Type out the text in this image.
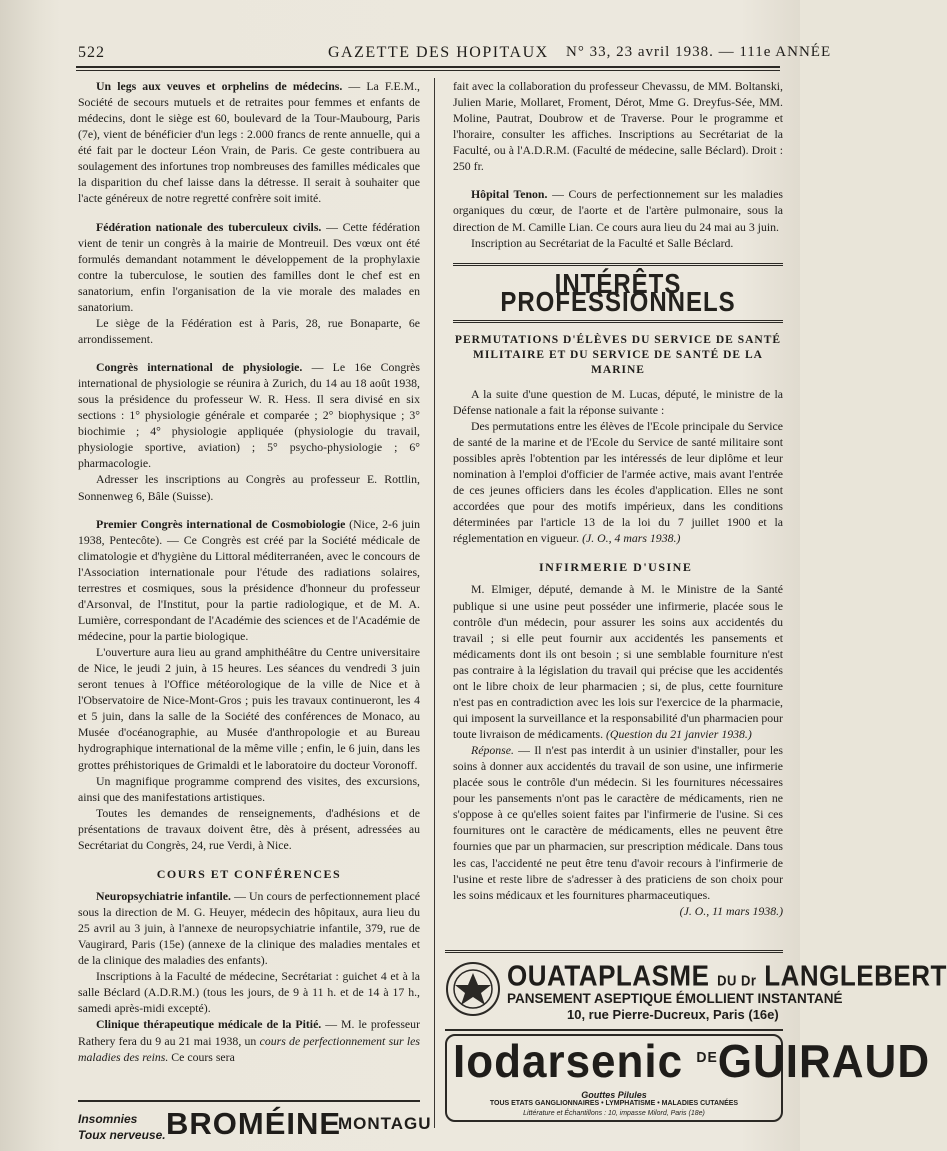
522	GAZETTE DES HOPITAUX N° 33, 23 avril 1938. — 111e ANNÉE

Un legs aux veuves et orphelins de médecins. — La F.E.M., Société de secours mutuels et de retraites pour femmes et enfants de médecins, dont le siège est 60, boulevard de la Tour-Maubourg, Paris (7e), vient de bénéficier d'un legs : 2.000 francs de rente annuelle, qui a été fait par le docteur Léon Vrain, de Paris. Ce geste contribuera au soulagement des infortunes trop nombreuses des familles médicales que la disparition du chef laisse dans la détresse. Il serait à souhaiter que l'acte généreux de notre regretté confrère soit imité.

Fédération nationale des tuberculeux civils. — Cette fédération vient de tenir un congrès à la mairie de Montreuil. Des vœux ont été formulés demandant notamment le développement de la prophylaxie contre la tuberculose, le soutien des familles dont le chef est en sanatorium, enfin l'organisation de la vie morale des malades en sanatorium.

Le siège de la Fédération est à Paris, 28, rue Bonaparte, 6e arrondissement.

Congrès international de physiologie. — Le 16e Congrès international de physiologie se réunira à Zurich, du 14 au 18 août 1938, sous la présidence du professeur W. R. Hess. Il sera divisé en six sections : 1° physiologie générale et comparée ; 2° biophysique ; 3° biochimie ; 4° physiologie appliquée (physiologie du travail, physiologie sportive, aviation) ; 5° psycho-physiologie ; 6° pharmacologie.

Adresser les inscriptions au Congrès au professeur E. Rottlin, Sonnenweg 6, Bâle (Suisse).

Premier Congrès international de Cosmobiologie (Nice, 2-6 juin 1938, Pentecôte). — Ce Congrès est créé par la Société médicale de climatologie et d'hygiène du Littoral méditerranéen, avec le concours de l'Association internationale pour l'étude des radiations solaires, terrestres et cosmiques, sous la présidence d'honneur du professeur d'Arsonval, de l'Institut, pour la partie radiologique, et de M. A. Lumière, correspondant de l'Académie des sciences et de l'Académie de médecine, pour la partie biologique.

L'ouverture aura lieu au grand amphithéâtre du Centre universitaire de Nice, le jeudi 2 juin, à 15 heures. Les séances du vendredi 3 juin seront tenues à l'Office météorologique de la ville de Nice et à l'Observatoire de Nice-Mont-Gros ; puis les travaux continueront, les 4 et 5 juin, dans la salle de la Société des conférences de Monaco, au Musée d'océanographie, au Musée d'anthropologie et au Bureau hydrographique international de la même ville ; enfin, le 6 juin, dans les grottes préhistoriques de Grimaldi et le laboratoire du docteur Voronoff.

Un magnifique programme comprend des visites, des excursions, ainsi que des manifestations artistiques.

Toutes les demandes de renseignements, d'adhésions et de présentations de travaux doivent être, dès à présent, adressées au Secrétariat du Congrès, 24, rue Verdi, à Nice.

COURS ET CONFÉRENCES

Neuropsychiatrie infantile. — Un cours de perfectionnement placé sous la direction de M. G. Heuyer, médecin des hôpitaux, aura lieu du 25 avril au 3 juin, à l'annexe de neuropsychiatrie infantile, 379, rue de Vaugirard, Paris (15e) (annexe de la clinique des maladies mentales et de la clinique des maladies des enfants).

Inscriptions à la Faculté de médecine, Secrétariat : guichet 4 et à la salle Béclard (A.D.R.M.) (tous les jours, de 9 à 11 h. et de 14 à 17 h., samedi après-midi excepté).

Clinique thérapeutique médicale de la Pitié. — M. le professeur Rathery fera du 9 au 21 mai 1938, un cours de perfectionnement sur les maladies des reins. Ce cours sera

fait avec la collaboration du professeur Chevassu, de MM. Boltanski, Julien Marie, Mollaret, Froment, Dérot, Mme G. Dreyfus-Sée, MM. Moline, Pautrat, Doubrow et de Traverse. Pour le programme et l'horaire, consulter les affiches. Inscriptions au Secrétariat de la Faculté, ou à l'A.D.R.M. (Faculté de médecine, salle Béclard). Droit : 250 fr.

Hôpital Tenon. — Cours de perfectionnement sur les maladies organiques du cœur, de l'aorte et de l'artère pulmonaire, sous la direction de M. Camille Lian. Ce cours aura lieu du 24 mai au 3 juin.

Inscription au Secrétariat de la Faculté et Salle Béclard.

INTÉRÊTS PROFESSIONNELS
PERMUTATIONS D'ÉLÈVES DU SERVICE DE SANTÉ MILITAIRE ET DU SERVICE DE SANTÉ DE LA MARINE

A la suite d'une question de M. Lucas, député, le ministre de la Défense nationale a fait la réponse suivante :

Des permutations entre les élèves de l'Ecole principale du Service de santé de la marine et de l'Ecole du Service de santé militaire sont possibles après l'obtention par les intéressés de leur diplôme et leur nomination à l'emploi d'officier de l'armée active, mais avant l'entrée de ces jeunes officiers dans les écoles d'application. Elles ne sont accordées que pour des motifs impérieux, dans les conditions déterminées par l'article 13 de la loi du 7 juillet 1900 et la réglementation en vigueur. (J. O., 4 mars 1938.)

INFIRMERIE D'USINE

M. Elmiger, député, demande à M. le Ministre de la Santé publique si une usine peut posséder une infirmerie, placée sous le contrôle d'un médecin, pour assurer les soins aux accidentés du travail ; si elle peut fournir aux accidentés les pansements et médicaments dont ils ont besoin ; si une semblable fourniture n'est pas contraire à la législation du travail qui précise que les accidentés ont le libre choix de leur pharmacien ; si, de plus, cette fourniture n'est pas en contradiction avec les lois sur l'exercice de la pharmacie, qui imposent la surveillance et la responsabilité d'un pharmacien pour toute livraison de médicaments. (Question du 21 janvier 1938.)

Réponse. — Il n'est pas interdit à un usinier d'installer, pour les soins à donner aux accidentés du travail de son usine, une infirmerie placée sous le contrôle d'un médecin. Si les fournitures nécessaires pour les pansements n'ont pas le caractère de médicaments, rien ne s'oppose à ce qu'elles soient faites par l'infirmerie de l'usine. Si ces fournitures ont le caractère de médicaments, elles ne peuvent être fournies que par un pharmacien, sur prescription médicale. Dans tous les cas, l'accidenté ne peut être tenu d'avoir recours à l'infirmerie de l'usine et reste libre de s'adresser à des praticiens de son choix pour les soins médicaux et les fournitures pharmaceutiques.

(J. O., 11 mars 1938.)

OUATAPLASME DU Dr LANGLEBERT
PANSEMENT ASEPTIQUE ÉMOLLIENT INSTANTANÉ
10, rue Pierre-Ducreux, Paris (16e)
Iodarsenic $^{DE}$GUIRAUD
Gouttes Pilules
TOUS ETATS GANGLIONNAIRES • LYMPHATISME • MALADIES CUTANÉES
Littérature et Échantillons : 10, impasse Milord, Paris (18e)
Insomnies
Toux nerveuse. BROMÉINE
MONTAGU
